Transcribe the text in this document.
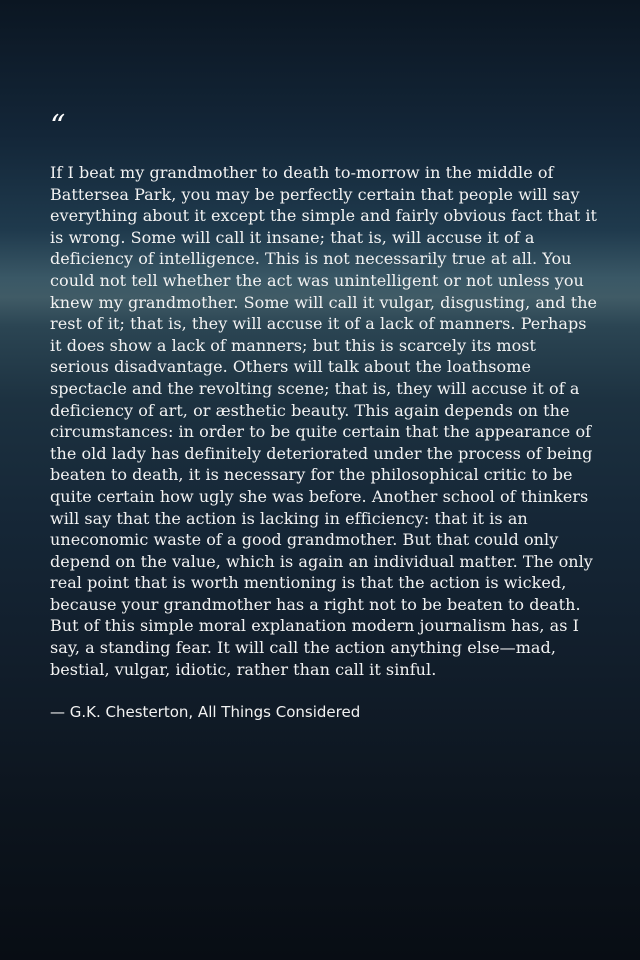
“

If I beat my grandmother to death to-morrow in the middle of Battersea Park, you may be perfectly certain that people will say everything about it except the simple and fairly obvious fact that it is wrong. Some will call it insane; that is, will accuse it of a deficiency of intelligence. This is not necessarily true at all. You could not tell whether the act was unintelligent or not unless you knew my grandmother. Some will call it vulgar, disgusting, and the rest of it; that is, they will accuse it of a lack of manners. Perhaps it does show a lack of manners; but this is scarcely its most serious disadvantage. Others will talk about the loathsome spectacle and the revolting scene; that is, they will accuse it of a deficiency of art, or æsthetic beauty. This again depends on the circumstances: in order to be quite certain that the appearance of the old lady has definitely deteriorated under the process of being beaten to death, it is necessary for the philosophical critic to be quite certain how ugly she was before. Another school of thinkers will say that the action is lacking in efficiency: that it is an uneconomic waste of a good grandmother. But that could only depend on the value, which is again an individual matter. The only real point that is worth mentioning is that the action is wicked, because your grandmother has a right not to be beaten to death. But of this simple moral explanation modern journalism has, as I say, a standing fear. It will call the action anything else—mad, bestial, vulgar, idiotic, rather than call it sinful.

— G.K. Chesterton, All Things Considered
